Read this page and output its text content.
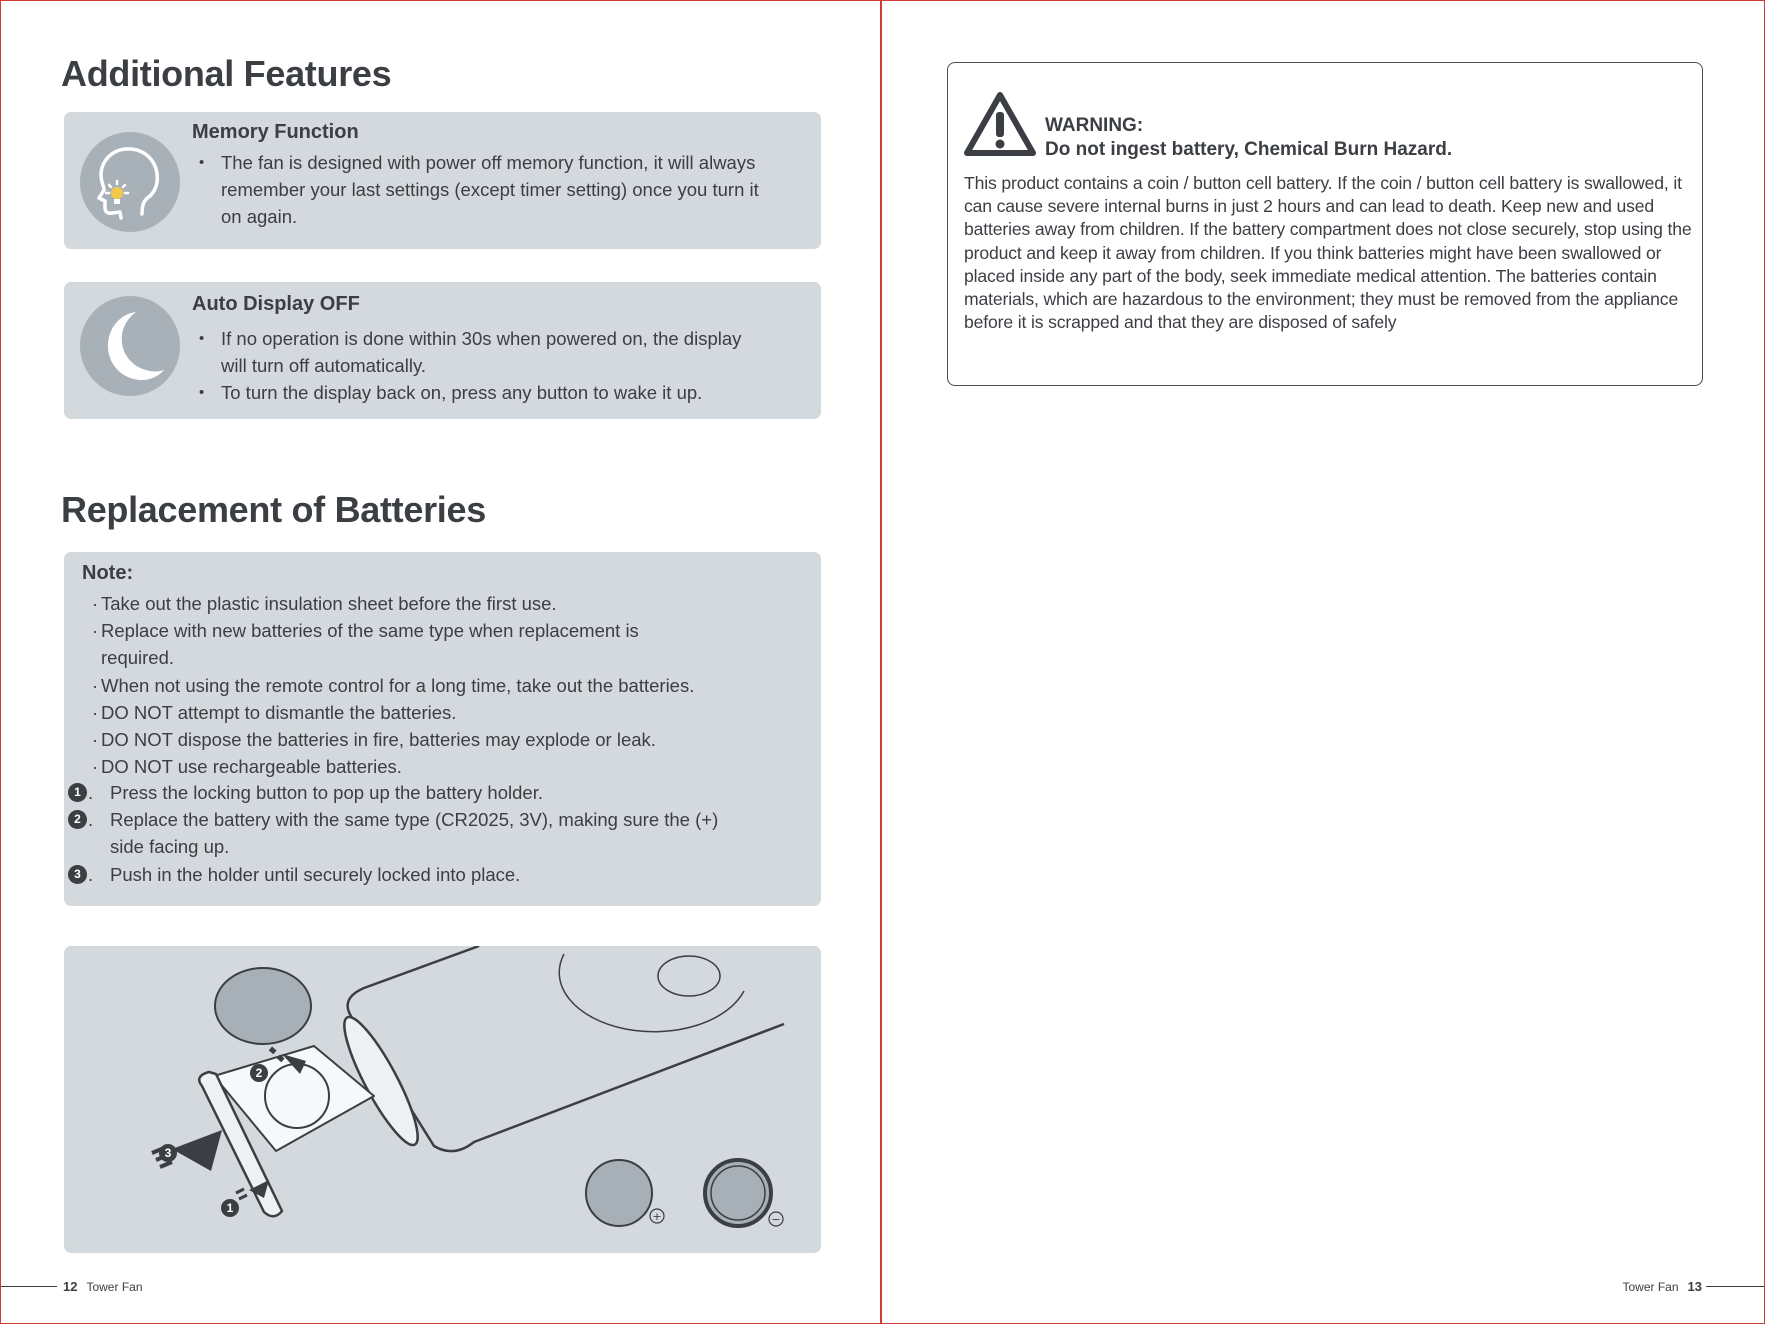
Additional Features
Memory Function
• The fan is designed with power off memory function, it will always remember your last settings (except timer setting) once you turn it on again.
Auto Display OFF
• If no operation is done within 30s when powered on, the display will turn off automatically.
• To turn the display back on, press any button to wake it up.
Replacement of Batteries
Note:
· Take out the plastic insulation sheet before the first use.
· Replace with new batteries of the same type when replacement is required.
· When not using the remote control for a long time, take out the batteries.
· DO NOT attempt to dismantle the batteries.
· DO NOT dispose the batteries in fire, batteries may explode or leak.
· DO NOT use rechargeable batteries.
1 . Press the locking button to pop up the battery holder.
2 . Replace the battery with the same type (CR2025, 3V), making sure the (+) side facing up.
3 . Push in the holder until securely locked into place.
1
2
3
+	−
12 Tower Fan
WARNING:
Do not ingest battery, Chemical Burn Hazard.

This product contains a coin / button cell battery. If the coin / button cell battery is swallowed, it can cause severe internal burns in just 2 hours and can lead to death. Keep new and used batteries away from children. If the battery compartment does not close securely, stop using the product and keep it away from children. If you think batteries might have been swallowed or placed inside any part of the body, seek immediate medical attention. The batteries contain materials, which are hazardous to the environment; they must be removed from the appliance before it is scrapped and that they are disposed of safely

Tower Fan 13
